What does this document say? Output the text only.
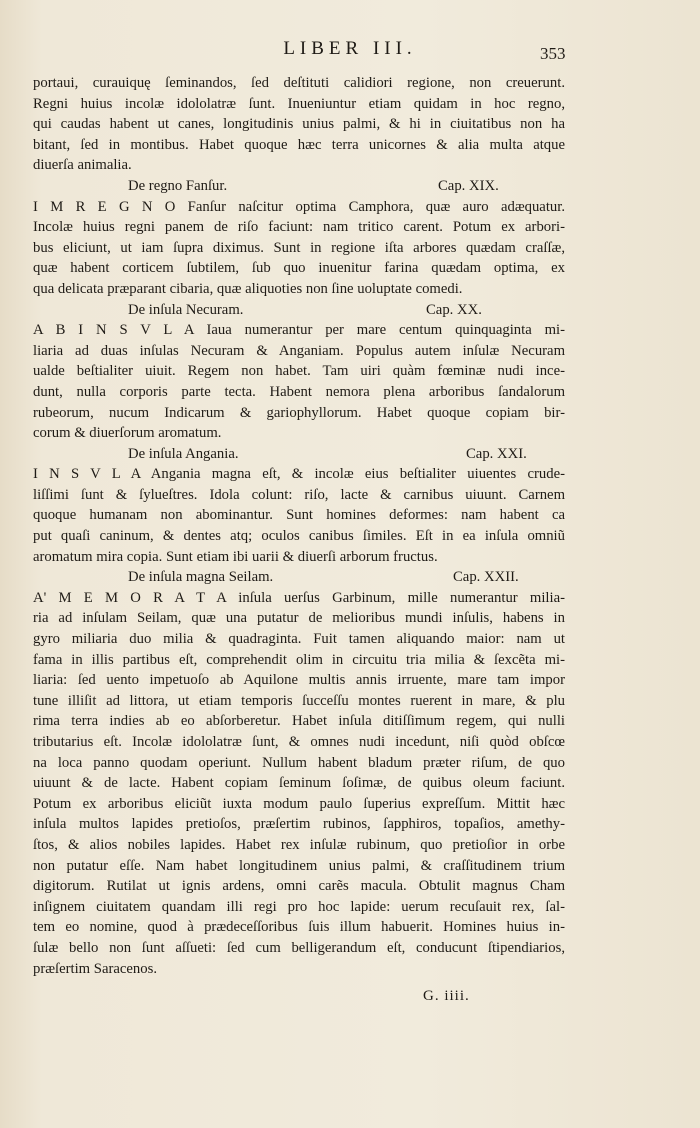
LIBER III.	353
portaui, curauiquę ſeminandos, ſed deſtituti calidiori regione, non creuerunt.
Regni huius incolæ idololatræ ſunt. Inueniuntur etiam quidam in hoc regno,
qui caudas habent ut canes, longitudinis unius palmi, & hi in ciuitatibus non ha
bitant, ſed in montibus. Habet quoque hæc terra unicornes & alia multa atque
diuerſa animalia.
De regno Fanſur.	Cap. XIX.
I M R E G N O Fanſur naſcitur optima Camphora, quæ auro adæquatur.
Incolæ huius regni panem de riſo faciunt: nam tritico carent. Potum ex arbori-
bus eliciunt, ut iam ſupra diximus. Sunt in regione iſta arbores quædam craſſæ,
quæ habent corticem ſubtilem, ſub quo inuenitur farina quædam optima, ex
qua delicata præparant cibaria, quæ aliquoties non ſine uoluptate comedi.
De inſula Necuram.	Cap. XX.
A B I N S V L A Iaua numerantur per mare centum quinquaginta mi-
liaria ad duas inſulas Necuram & Anganiam. Populus autem inſulæ Necuram
ualde beſtialiter uiuit. Regem non habet. Tam uiri quàm fœminæ nudi ince-
dunt, nulla corporis parte tecta. Habent nemora plena arboribus ſandalorum
rubeorum, nucum Indicarum & gariophyllorum. Habet quoque copiam bir-
corum & diuerſorum aromatum.
De inſula Angania.	Cap. XXI.
I N S V L A Angania magna eſt, & incolæ eius beſtialiter uiuentes crude-
liſſimi ſunt & ſylueſtres. Idola colunt: riſo, lacte & carnibus uiuunt. Carnem
quoque humanam non abominantur. Sunt homines deformes: nam habent ca
put quaſi caninum, & dentes atq; oculos canibus ſimiles. Eſt in ea inſula omniũ
aromatum mira copia. Sunt etiam ibi uarii & diuerſi arborum fructus.
De inſula magna Seilam.	Cap. XXII.
A' M E M O R A T A inſula uerſus Garbinum, mille numerantur milia-
ria ad inſulam Seilam, quæ una putatur de melioribus mundi inſulis, habens in
gyro miliaria duo milia & quadraginta. Fuit tamen aliquando maior: nam ut
fama in illis partibus eſt, comprehendit olim in circuitu tria milia & ſexcẽta mi-
liaria: ſed uento impetuoſo ab Aquilone multis annis irruente, mare tam impor
tune illiſit ad littora, ut etiam temporis ſucceſſu montes ruerent in mare, & plu
rima terra indies ab eo abſorberetur. Habet inſula ditiſſimum regem, qui nulli
tributarius eſt. Incolæ idololatræ ſunt, & omnes nudi incedunt, niſi quòd obſcœ
na loca panno quodam operiunt. Nullum habent bladum præter riſum, de quo
uiuunt & de lacte. Habent copiam ſeminum ſoſimæ, de quibus oleum faciunt.
Potum ex arboribus eliciũt iuxta modum paulo ſuperius expreſſum. Mittit hæc
inſula multos lapides pretioſos, præſertim rubinos, ſapphiros, topaſios, amethy-
ſtos, & alios nobiles lapides. Habet rex inſulæ rubinum, quo pretioſior in orbe
non putatur eſſe. Nam habet longitudinem unius palmi, & craſſitudinem trium
digitorum. Rutilat ut ignis ardens, omni carẽs macula. Obtulit magnus Cham
inſignem ciuitatem quandam illi regi pro hoc lapide: uerum recuſauit rex, ſal-
tem eo nomine, quod à prædeceſſoribus ſuis illum habuerit. Homines huius in-
ſulæ bello non ſunt aſſueti: ſed cum belligerandum eſt, conducunt ſtipendiarios,
præſertim Saracenos.
G. iiii.
